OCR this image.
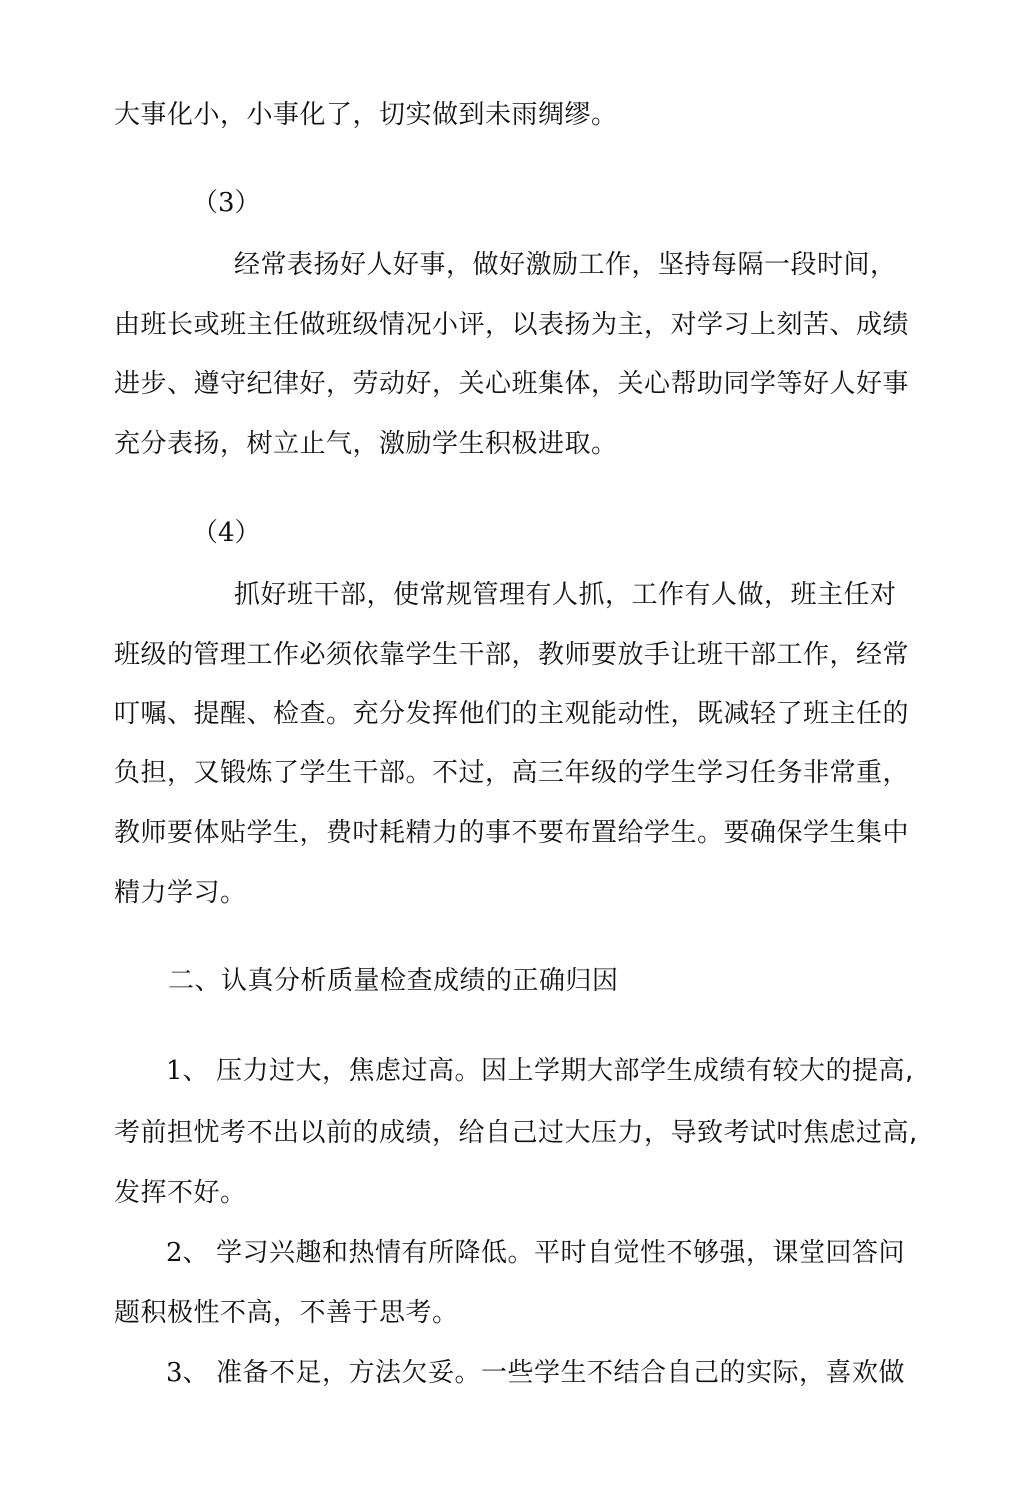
大事化小，小事化了，切实做到未雨绸缪。
（3）
经常表扬好人好事，做好激励工作，坚持每隔一段时间，
由班长或班主任做班级情况小评，以表扬为主，对学习上刻苦、成绩
进步、遵守纪律好，劳动好，关心班集体，关心帮助同学等好人好事
充分表扬，树立止气，激励学生积极进取。
（4）
抓好班干部，使常规管理有人抓，工作有人做，班主任对
班级的管理工作必须依靠学生干部，教师要放手让班干部工作，经常
叮嘱、提醒、检查。充分发挥他们的主观能动性，既减轻了班主任的
负担，又锻炼了学生干部。不过，高三年级的学生学习任务非常重，
教师要体贴学生，费吋耗精力的事不要布置给学生。要确保学生集中
精力学习。
二、认真分析质量检查成绩的正确归因
1、 压力过大，焦虑过高。因上学期大部学生成绩有较大的提高,
考前担忧考不出以前的成绩，给自己过大压力，导致考试吋焦虑过高,
发挥不好。
2、 学习兴趣和热情有所降低。平时自觉性不够强，课堂回答问
题积极性不高，不善于思考。
3、 准备不足，方法欠妥。一些学生不结合自己的实际，喜欢做
